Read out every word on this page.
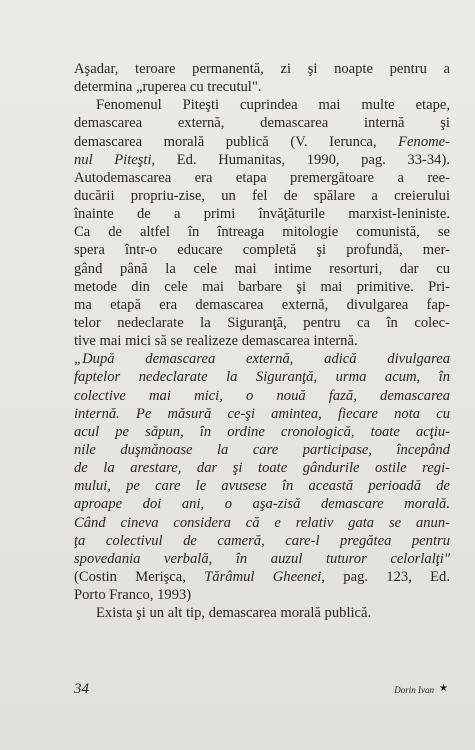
Aşadar, teroare permanentă, zi şi noapte pentru a
determina „ruperea cu trecutul".
Fenomenul Piteşti cuprindea mai multe etape,
demascarea externă, demascarea internă şi
demascarea morală publică (V. Ierunca, Fenome-
nul Piteşti, Ed. Humanitas, 1990, pag. 33-34).
Autodemascarea era etapa premergătoare a ree-
ducării propriu-zise, un fel de spălare a creierului
înainte de a primi învăţăturile marxist-leniniste.
Ca de altfel în întreaga mitologie comunistă, se
spera într-o educare completă şi profundă, mer-
gând până la cele mai intime resorturi, dar cu
metode din cele mai barbare şi mai primitive. Pri-
ma etapă era demascarea externă, divulgarea fap-
telor nedeclarate la Siguranţă, pentru ca în colec-
tive mai mici să se realizeze demascarea internă.
„După demascarea externă, adică divulgarea
faptelor nedeclarate la Siguranţă, urma acum, în
colective mai mici, o nouă fază, demascarea
internă. Pe măsură ce-şi amintea, fiecare nota cu
acul pe săpun, în ordine cronologică, toate acţiu-
nile duşmănoase la care participase, începând
de la arestare, dar şi toate gândurile ostile regi-
mului, pe care le avusese în această perioadă de
aproape doi ani, o aşa-zisă demascare morală.
Când cineva considera că e relativ gata se anun-
ţa colectivul de cameră, care-l pregătea pentru
spovedania verbală, în auzul tuturor celorlalţi"
(Costin Merişca, Tărâmul Gheenei, pag. 123, Ed.
Porto Franco, 1993)
Exista şi un alt tip, demascarea morală publică.
34	Dorin Ivan ★
